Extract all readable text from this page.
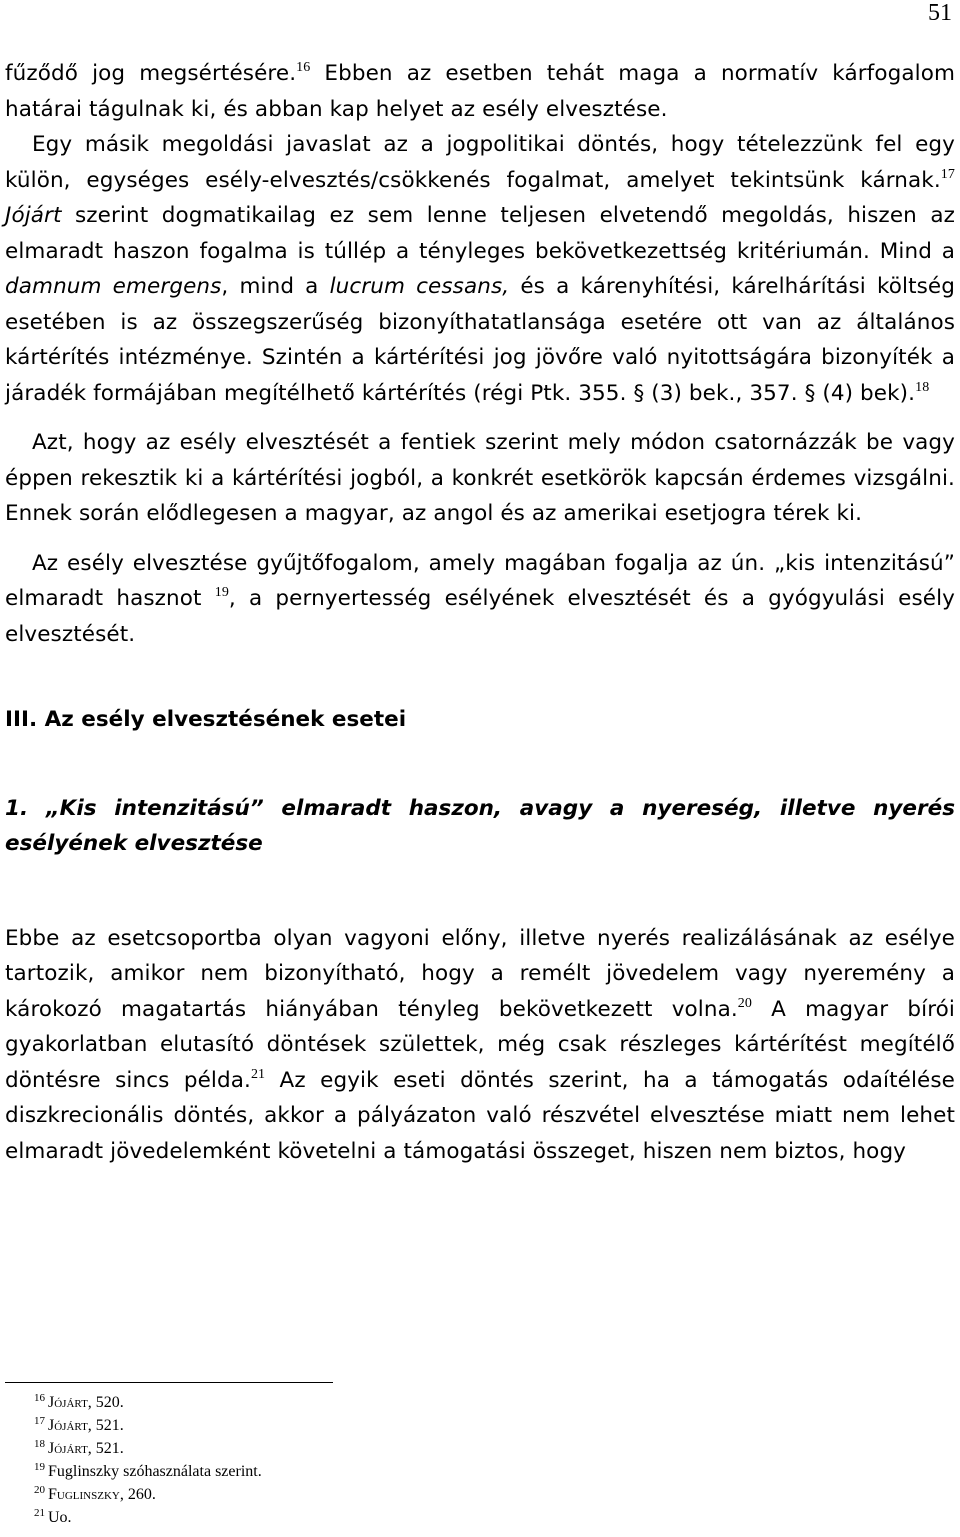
51

fűződő jog megsértésére.$^{16}$ Ebben az esetben tehát maga a normatív kárfogalom határai tágulnak ki, és abban kap helyet az esély elvesztése.

Egy másik megoldási javaslat az a jogpolitikai döntés, hogy tételezzünk fel egy külön, egységes esély-elvesztés/csökkenés fogalmat, amelyet tekintsünk kárnak.$^{17}$ Jójárt szerint dogmatikailag ez sem lenne teljesen elvetendő megoldás, hiszen az elmaradt haszon fogalma is túllép a tényleges bekövetkezettség kritériumán. Mind a damnum emergens, mind a lucrum cessans, és a kárenyhítési, kárelhárítási költség esetében is az összegszerűség bizonyíthatatlansága esetére ott van az általános kártérítés intézménye. Szintén a kártérítési jog jövőre való nyitottságára bizonyíték a járadék formájában megítélhető kártérítés (régi Ptk. 355. § (3) bek., 357. § (4) bek).$^{18}$

Azt, hogy az esély elvesztését a fentiek szerint mely módon csatornázzák be vagy éppen rekesztik ki a kártérítési jogból, a konkrét esetkörök kapcsán érdemes vizsgálni. Ennek során elődlegesen a magyar, az angol és az amerikai esetjogra térek ki.

Az esély elvesztése gyűjtőfogalom, amely magában fogalja az ún. „kis intenzitású” elmaradt hasznot $^{19}$, a pernyertesség esélyének elvesztését és a gyógyulási esély elvesztését.

III. Az esély elvesztésének esetei
1. „Kis intenzitású” elmaradt haszon, avagy a nyereség, illetve nyerés esélyének elvesztése

Ebbe az esetcsoportba olyan vagyoni előny, illetve nyerés realizálásának az esélye tartozik, amikor nem bizonyítható, hogy a remélt jövedelem vagy nyeremény a károkozó magatartás hiányában tényleg bekövetkezett volna.$^{20}$ A magyar bírói gyakorlatban elutasító döntések születtek, még csak részleges kártérítést megítélő döntésre sincs példa.$^{21}$ Az egyik eseti döntés szerint, ha a támogatás odaítélése diszkrecionális döntés, akkor a pályázaton való részvétel elvesztése miatt nem lehet elmaradt jövedelemként követelni a támogatási összeget, hiszen nem biztos, hogy

$^{16}$ Jójárt, 520.
$^{17}$ Jójárt, 521.
$^{18}$ Jójárt, 521.
$^{19}$ Fuglinszky szóhasználata szerint.
$^{20}$ Fuglinszky, 260.
$^{21}$ Uo.
